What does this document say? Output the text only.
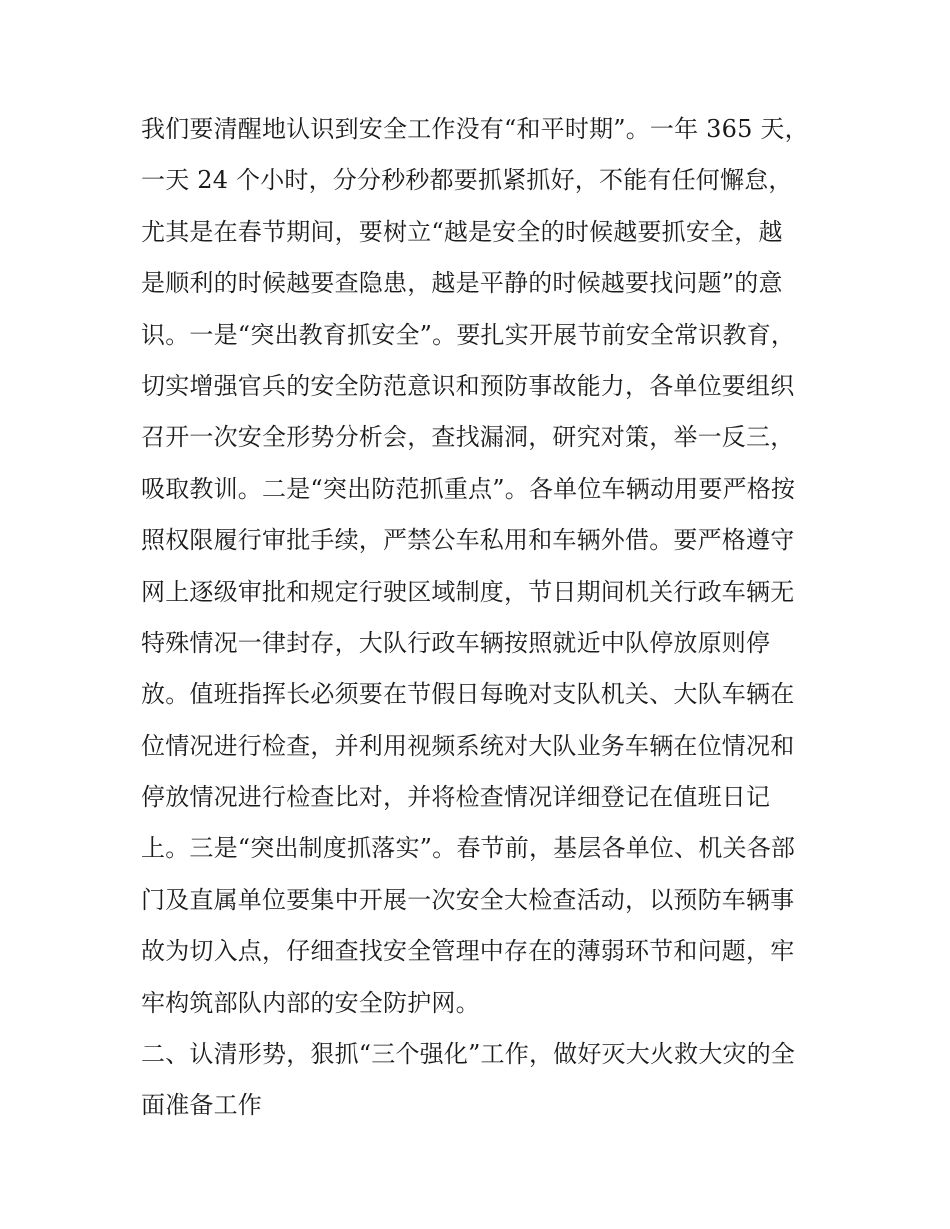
我们要清醒地认识到安全工作没有“和平时期”。一年 365 天，
一天 24 个小时，分分秒秒都要抓紧抓好，不能有任何懈怠，
尤其是在春节期间，要树立“越是安全的时候越要抓安全，越
是顺利的时候越要查隐患，越是平静的时候越要找问题”的意
识。一是“突出教育抓安全”。要扎实开展节前安全常识教育，
切实增强官兵的安全防范意识和预防事故能力，各单位要组织
召开一次安全形势分析会，查找漏洞，研究对策，举一反三，
吸取教训。二是“突出防范抓重点”。各单位车辆动用要严格按
照权限履行审批手续，严禁公车私用和车辆外借。要严格遵守
网上逐级审批和规定行驶区域制度，节日期间机关行政车辆无
特殊情况一律封存，大队行政车辆按照就近中队停放原则停
放。值班指挥长必须要在节假日每晚对支队机关、大队车辆在
位情况进行检查，并利用视频系统对大队业务车辆在位情况和
停放情况进行检查比对，并将检查情况详细登记在值班日记
上。三是“突出制度抓落实”。春节前，基层各单位、机关各部
门及直属单位要集中开展一次安全大检查活动，以预防车辆事
故为切入点，仔细查找安全管理中存在的薄弱环节和问题，牢
牢构筑部队内部的安全防护网。
二、认清形势，狠抓“三个强化”工作，做好灭大火救大灾的全
面准备工作
